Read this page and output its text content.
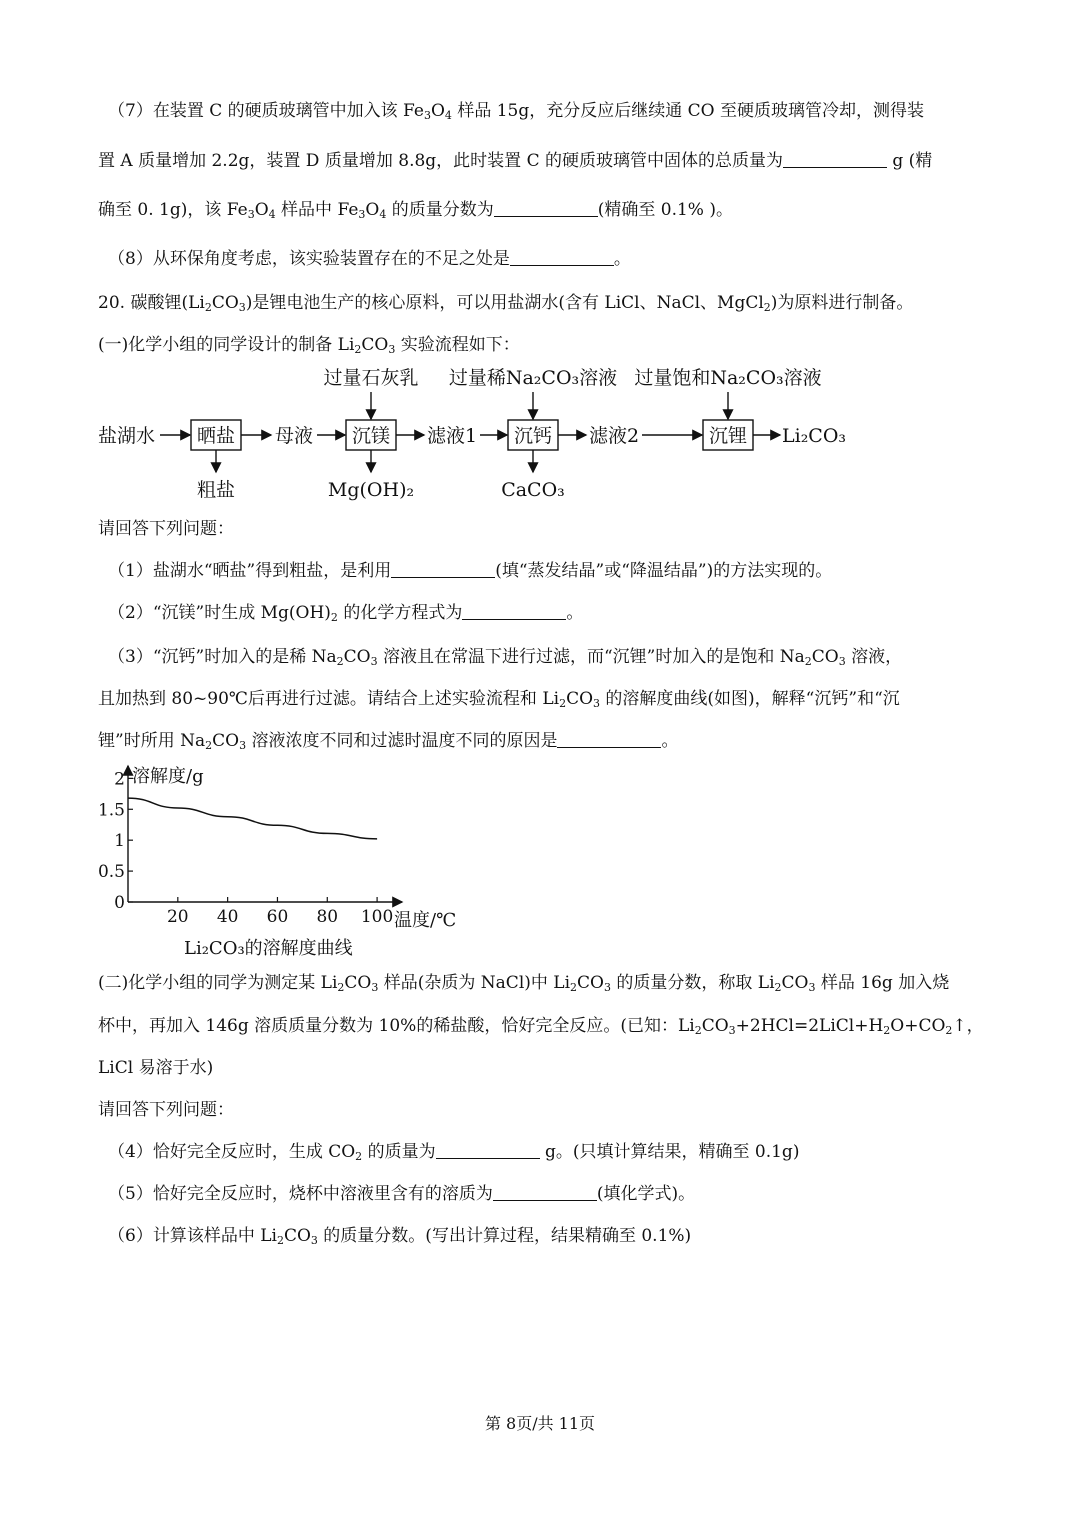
（7）在装置 C 的硬质玻璃管中加入该 $Fe_3O_4$ 样品 15g，充分反应后继续通 CO 至硬质玻璃管冷却，测得装
置 A 质量增加 2.2g，装置 D 质量增加 8.8g，此时装置 C 的硬质玻璃管中固体的总质量为	g (精
确至 0. 1g)，该 $Fe_3O_4$ 样品中 $Fe_3O_4$ 的质量分数为	(精确至 0.1% )。
（8）从环保角度考虑，该实验装置存在的不足之处是	。
20. 碳酸锂$(Li_2CO_3)$是锂电池生产的核心原料，可以用盐湖水(含有 LiCl、NaCl、MgCl$_2$)为原料进行制备。
(一)化学小组的同学设计的制备 $Li_2CO_3$ 实验流程如下：
盐湖水 晒盐	沉镁	沉钙	沉锂
母液	滤液1	滤液2	Li₂CO₃
过量石灰乳 过量稀Na₂CO₃溶液 过量饱和Na₂CO₃溶液
粗盐	Mg(OH)₂	CaCO₃
请回答下列问题：
（1）盐湖水“晒盐”得到粗盐，是利用	(填“蒸发结晶”或“降温结晶”)的方法实现的。
（2）“沉镁”时生成 $Mg(OH)_2$ 的化学方程式为	。
（3）“沉钙”时加入的是稀 $Na_2CO_3$ 溶液且在常温下进行过滤，而“沉锂”时加入的是饱和 $Na_2CO_3$ 溶液，
且加热到 80~90℃后再进行过滤。请结合上述实验流程和 $Li_2CO_3$ 的溶解度曲线(如图)，解释“沉钙”和“沉
锂”时所用 $Na_2CO_3$ 溶液浓度不同和过滤时温度不同的原因是	。
溶解度/g
温度/℃
Li₂CO₃的溶解度曲线
0
0.5
1
1.5
2
20 40 60 80 100
(二)化学小组的同学为测定某 $Li_2CO_3$ 样品(杂质为 NaCl)中 $Li_2CO_3$ 的质量分数，称取 $Li_2CO_3$ 样品 16g 加入烧
杯中，再加入 146g 溶质质量分数为 10%的稀盐酸，恰好完全反应。(已知：$Li_2CO_3+2HCl=2LiCl+H_2O+CO_2↑$，
LiCl 易溶于水)
请回答下列问题：
（4）恰好完全反应时，生成 $CO_2$ 的质量为	g。(只填计算结果，精确至 0.1g)
（5）恰好完全反应时，烧杯中溶液里含有的溶质为	(填化学式)。
（6）计算该样品中 $Li_2CO_3$ 的质量分数。(写出计算过程，结果精确至 0.1%)
第 8页/共 11页
